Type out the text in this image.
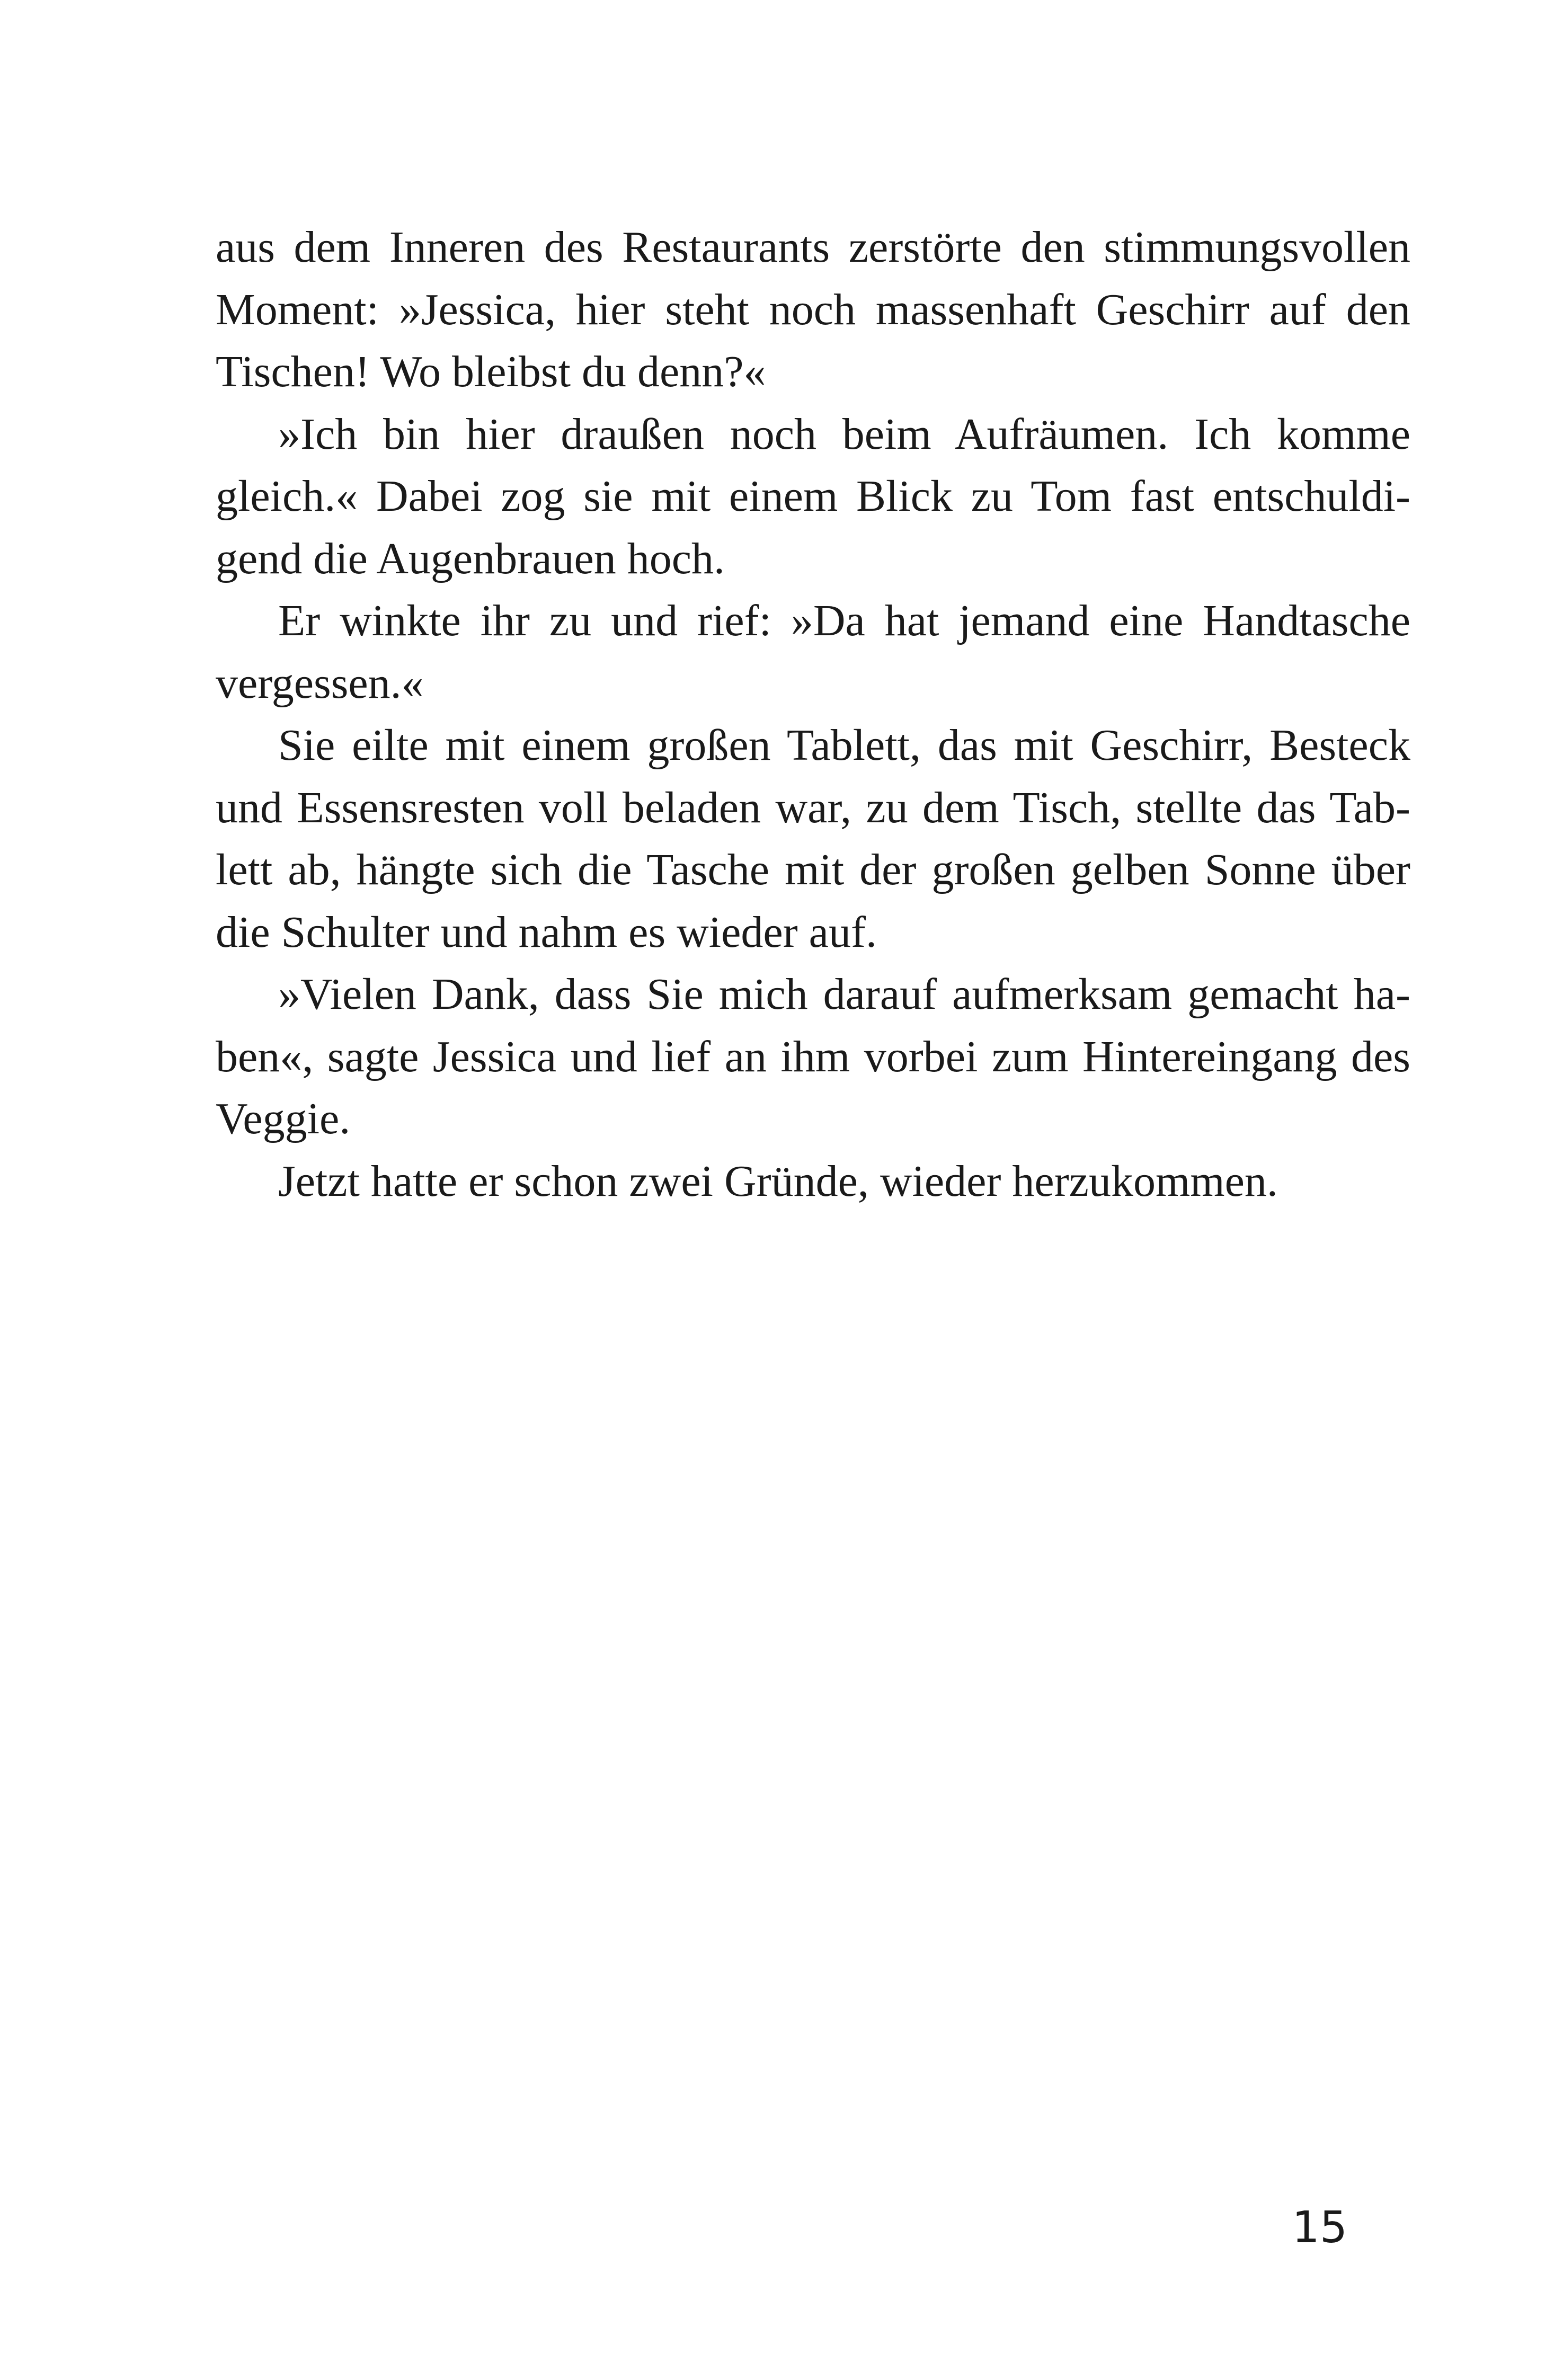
aus dem Inneren des Restaurants zerstörte den stimmungsvollen
Moment: »Jessica, hier steht noch massenhaft Geschirr auf den
Tischen! Wo bleibst du denn?«
»Ich bin hier draußen noch beim Aufräumen. Ich komme
gleich.« Dabei zog sie mit einem Blick zu Tom fast entschuldi-
gend die Augenbrauen hoch.
Er winkte ihr zu und rief: »Da hat jemand eine Handtasche
vergessen.«
Sie eilte mit einem großen Tablett, das mit Geschirr, Besteck
und Essensresten voll beladen war, zu dem Tisch, stellte das Tab-
lett ab, hängte sich die Tasche mit der großen gelben Sonne über
die Schulter und nahm es wieder auf.
»Vielen Dank, dass Sie mich darauf aufmerksam gemacht ha-
ben«, sagte Jessica und lief an ihm vorbei zum Hintereingang des
Veggie.
Jetzt hatte er schon zwei Gründe, wieder herzukommen.
15
